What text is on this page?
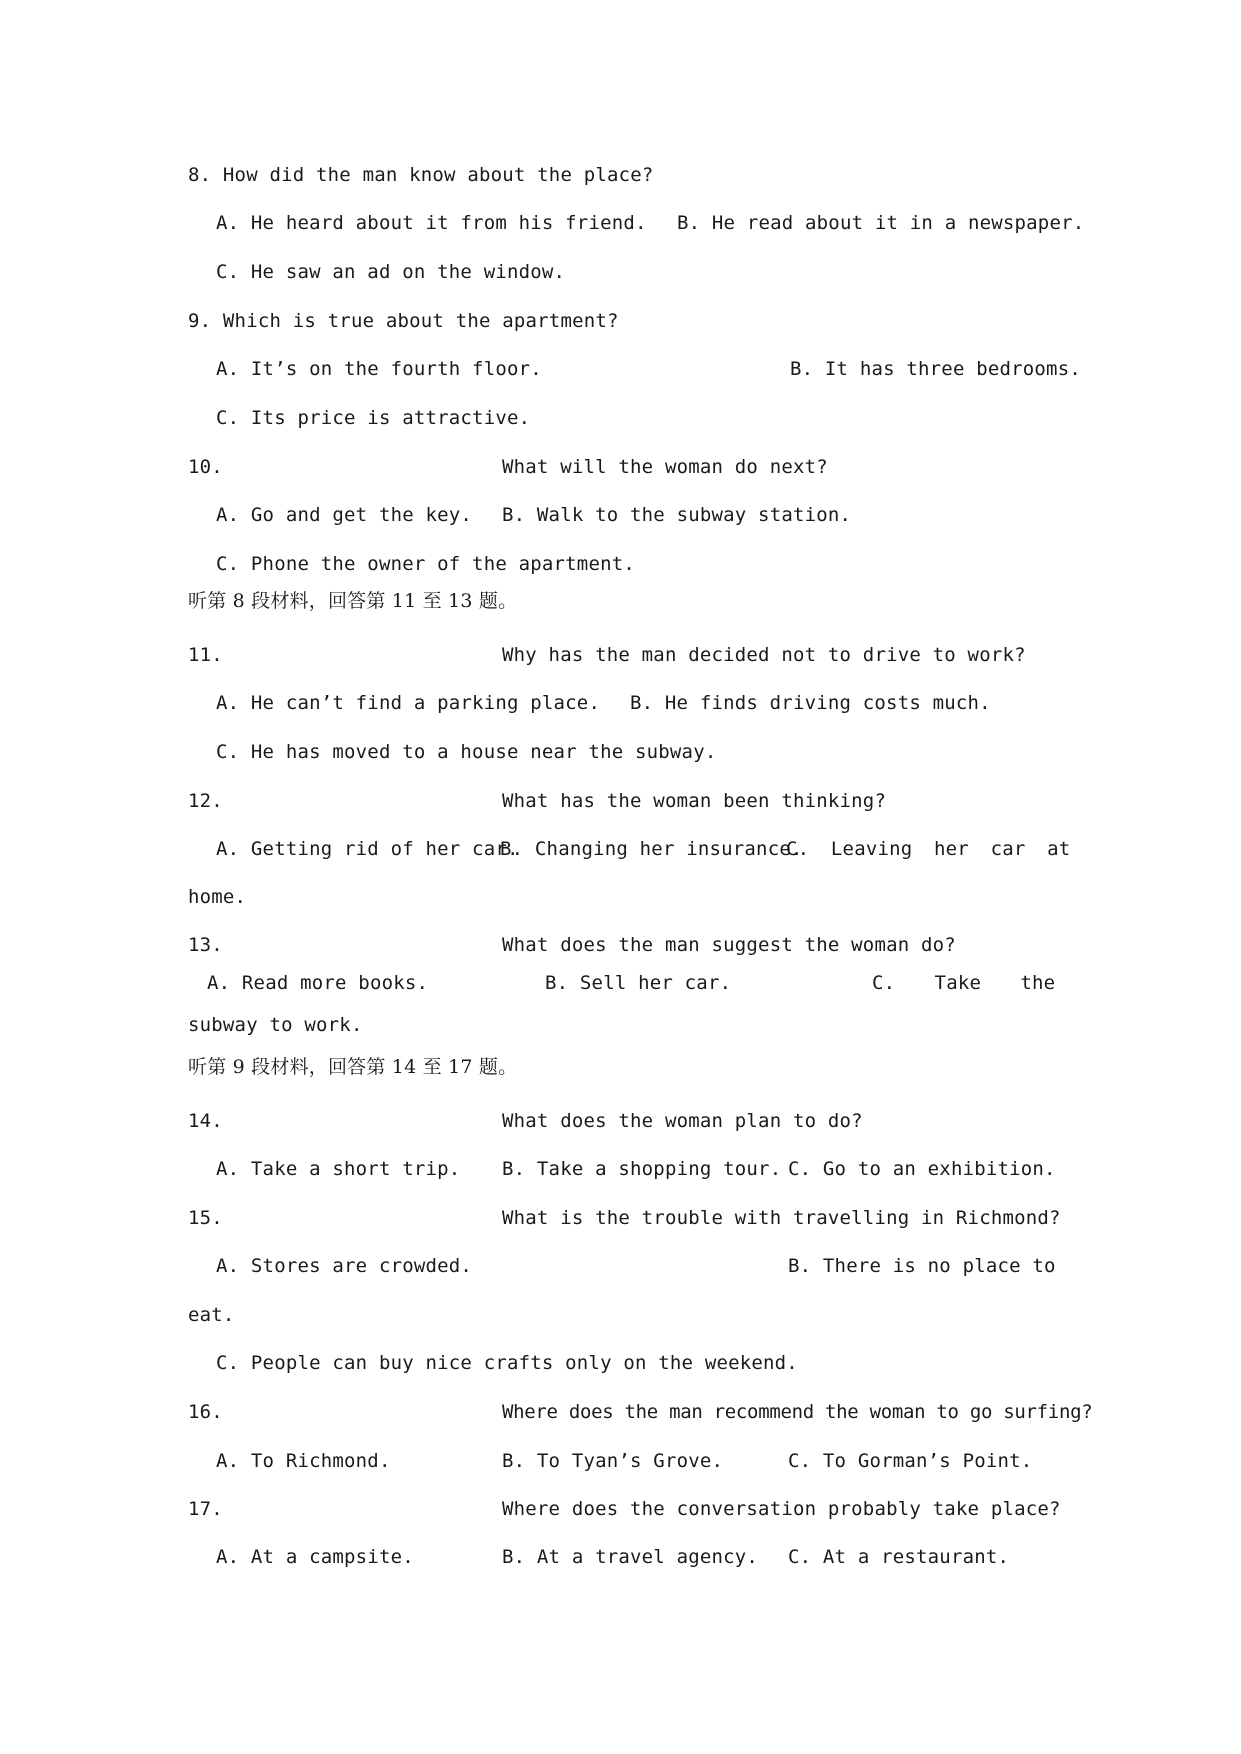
8. How did the man know about the place?
A. He heard about it from his friend. B. He read about it in a newspaper.
C. He saw an ad on the window.
9. Which is true about the apartment?
A. It’s on the fourth floor.	B. It has three bedrooms.
C. Its price is attractive.
10.	What will the woman do next?
A. Go and get the key. B. Walk to the subway station.
C. Phone the owner of the apartment.
听第 8 段材料，回答第 11 至 13 题。
11.	Why has the man decided not to drive to work?
A. He can’t find a parking place. B. He finds driving costs much.
C. He has moved to a house near the subway.
12.	What has the woman been thinking?
A. Getting rid of her car.
B. Changing her insurance.
C. Leaving her car at
home.
13.	What does the man suggest the woman do?
A. Read more books.	B. Sell her car.	C.  Take  the
subway to work.
听第 9 段材料，回答第 14 至 17 题。
14.	What does the woman plan to do?
A. Take a short trip. B. Take a shopping tour. C. Go to an exhibition.
15.	What is the trouble with travelling in Richmond?
A. Stores are crowded.	B. There is no place to
eat.
C. People can buy nice crafts only on the weekend.
16.	Where does the man recommend the woman to go surfing?
A. To Richmond.	B. To Tyan’s Grove.	C. To Gorman’s Point.
17.	Where does the conversation probably take place?
A. At a campsite.	B. At a travel agency. C. At a restaurant.
